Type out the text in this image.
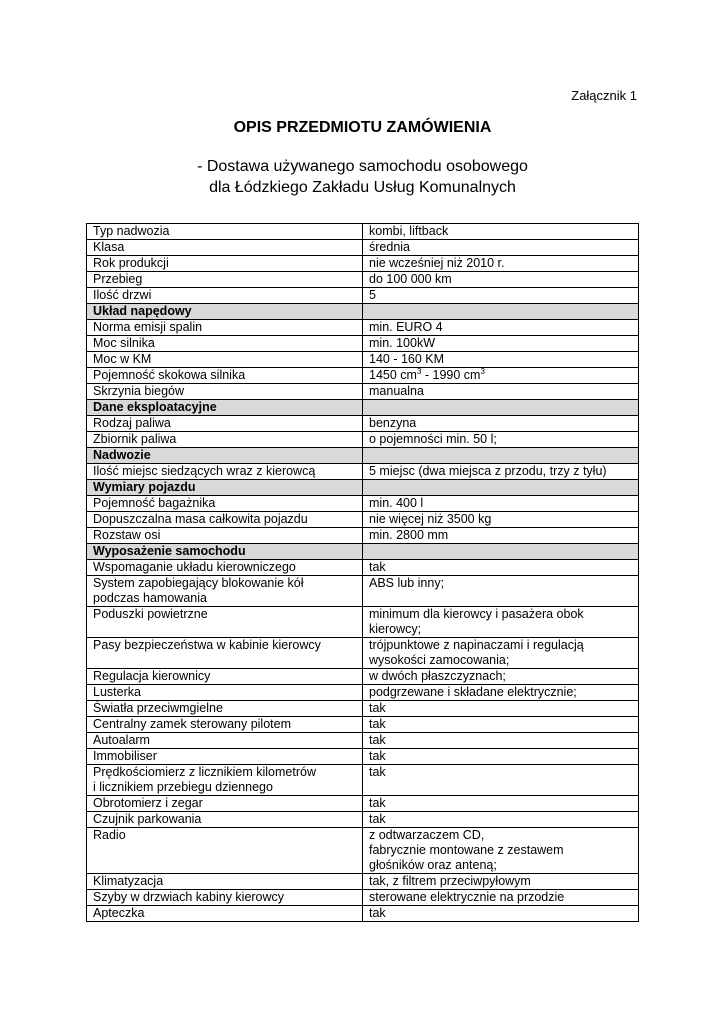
Załącznik 1
OPIS PRZEDMIOTU ZAMÓWIENIA
- Dostawa używanego samochodu osobowego
dla Łódzkiego Zakładu Usług Komunalnych
Typ nadwozia	kombi, liftback
Klasa	średnia
Rok produkcji	nie wcześniej niż 2010 r.
Przebieg	do 100 000 km
Ilość drzwi	5
Układ napędowy	
Norma emisji spalin	min. EURO 4
Moc silnika	min. 100kW
Moc w KM	140 - 160 KM
Pojemność skokowa silnika	1450 $cm^3 - 1990$ $cm^3$
Skrzynia biegów	manualna
Dane eksploatacyjne	
Rodzaj paliwa	benzyna
Zbiornik paliwa	o pojemności min. 50 l;
Nadwozie	
Ilość miejsc siedzących wraz z kierowcą	5 miejsc (dwa miejsca z przodu, trzy z tyłu)
Wymiary pojazdu	
Pojemność bagażnika	min. 400 l
Dopuszczalna masa całkowita pojazdu	nie więcej niż 3500 kg
Rozstaw osi	min. 2800 mm
Wyposażenie samochodu	
Wspomaganie układu kierowniczego	tak
System zapobiegający blokowanie kół
podczas hamowania	ABS lub inny;
Poduszki powietrzne	minimum dla kierowcy i pasażera obok
kierowcy;
Pasy bezpieczeństwa w kabinie kierowcy	trójpunktowe z napinaczami i regulacją
wysokości zamocowania;
Regulacja kierownicy	w dwóch płaszczyznach;
Lusterka	podgrzewane i składane elektrycznie;
Światła przeciwmgielne	tak
Centralny zamek sterowany pilotem	tak
Autoalarm	tak
Immobiliser	tak
Prędkościomierz z licznikiem kilometrów
i licznikiem przebiegu dziennego	tak
Obrotomierz i zegar	tak
Czujnik parkowania	tak
Radio	z odtwarzaczem CD,
fabrycznie montowane z zestawem
głośników oraz anteną;
Klimatyzacja	tak, z filtrem przeciwpyłowym
Szyby w drzwiach kabiny kierowcy	sterowane elektrycznie na przodzie
Apteczka	tak
